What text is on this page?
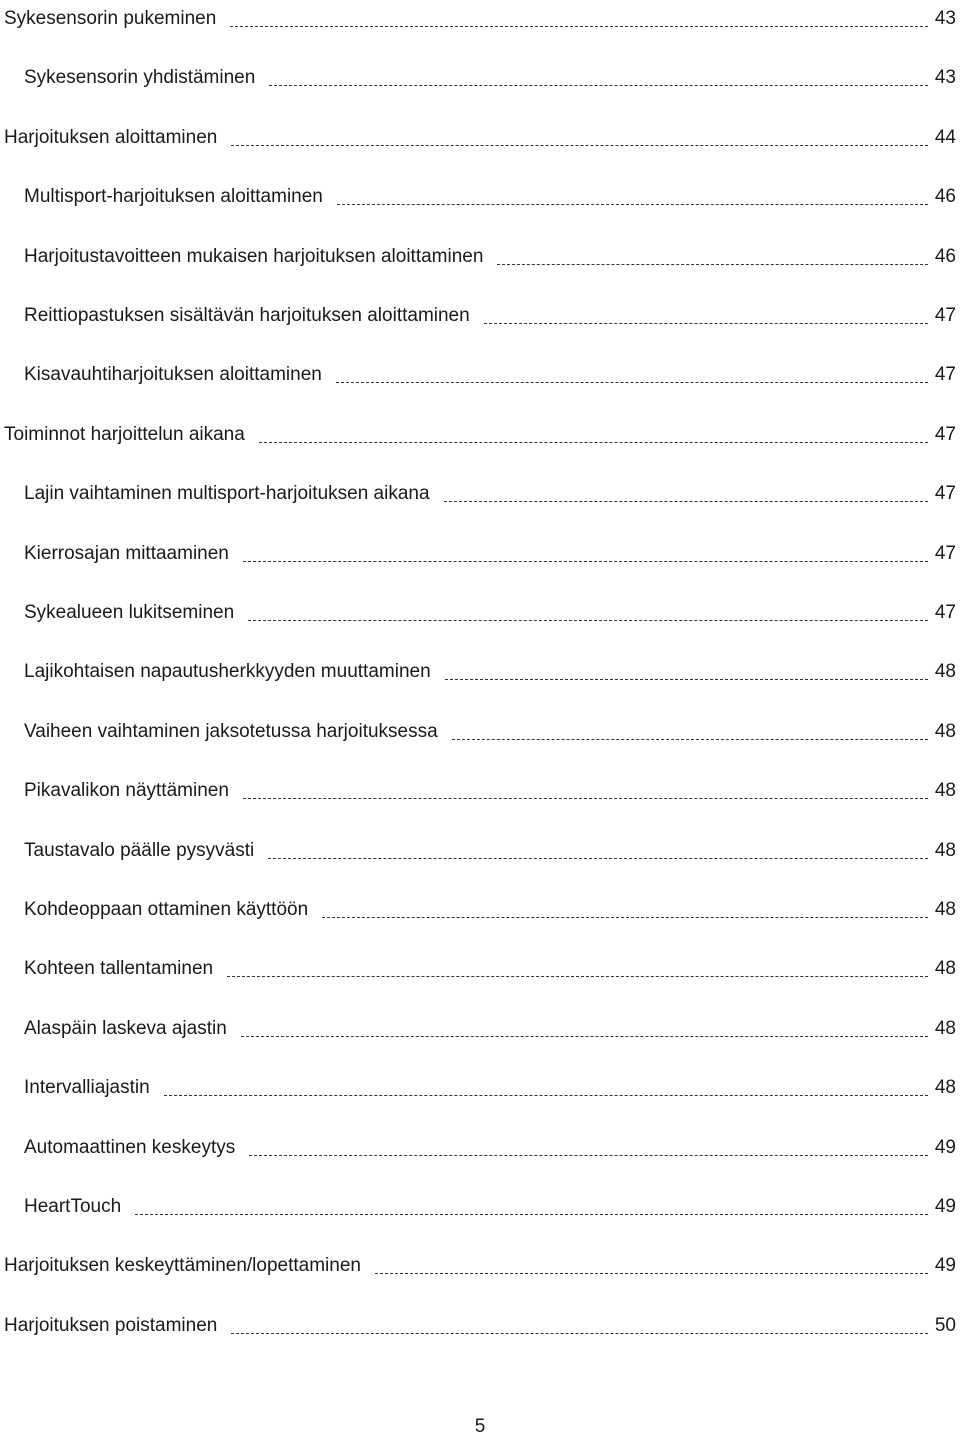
Sykesensorin pukeminen	43
Sykesensorin yhdistäminen	43
Harjoituksen aloittaminen	44
Multisport-harjoituksen aloittaminen	46
Harjoitustavoitteen mukaisen harjoituksen aloittaminen	46
Reittiopastuksen sisältävän harjoituksen aloittaminen	47
Kisavauhtiharjoituksen aloittaminen	47
Toiminnot harjoittelun aikana	47
Lajin vaihtaminen multisport-harjoituksen aikana	47
Kierrosajan mittaaminen	47
Sykealueen lukitseminen	47
Lajikohtaisen napautusherkkyyden muuttaminen	48
Vaiheen vaihtaminen jaksotetussa harjoituksessa	48
Pikavalikon näyttäminen	48
Taustavalo päälle pysyvästi	48
Kohdeoppaan ottaminen käyttöön	48
Kohteen tallentaminen	48
Alaspäin laskeva ajastin	48
Intervalliajastin	48
Automaattinen keskeytys	49
HeartTouch	49
Harjoituksen keskeyttäminen/lopettaminen	49
Harjoituksen poistaminen	50
5
